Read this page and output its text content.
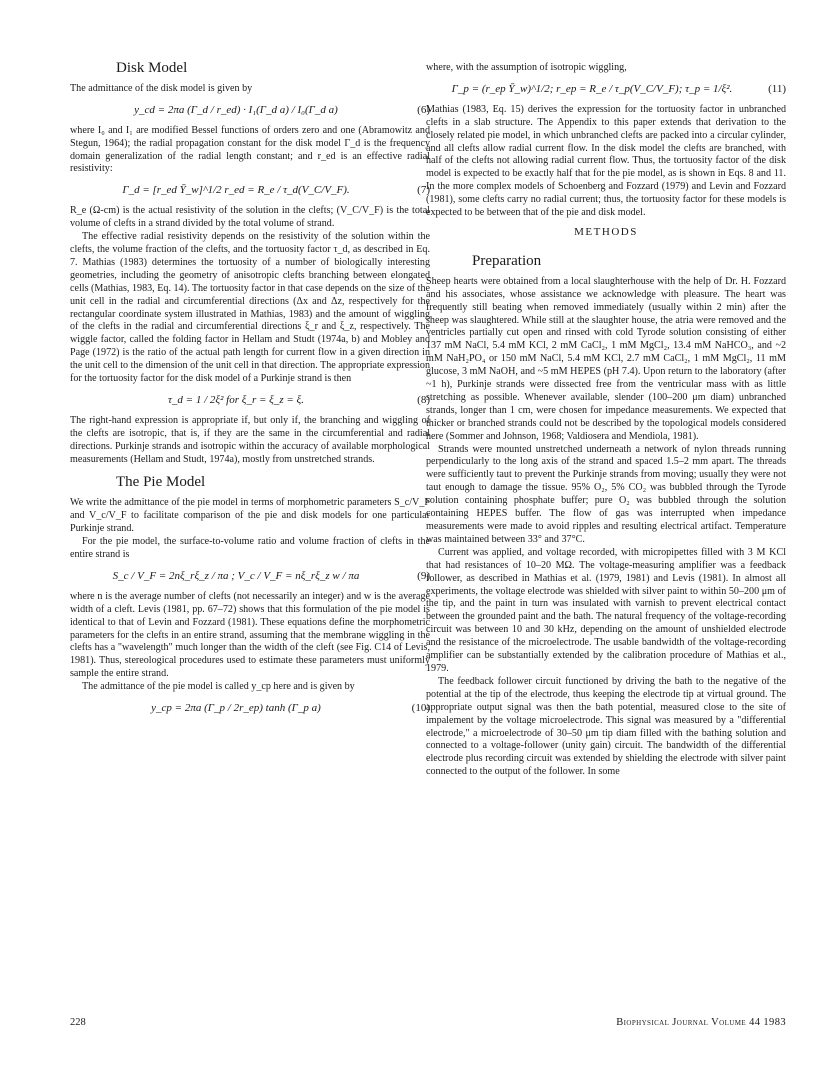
Disk Model

The admittance of the disk model is given by

y_cd = 2πa (Γ_d / r_ed) · I₁(Γ_d a) / I₀(Γ_d a)	(6)

where I₀ and I₁ are modified Bessel functions of orders zero and one (Abramowitz and Stegun, 1964); the radial propagation constant for the disk model Γ_d is the frequency domain generalization of the radial length constant; and r_ed is an effective radial resistivity:

Γ_d = [r_ed Ȳ_w]^1/2 r_ed = R_e / τ_d(V_C/V_F).	(7)

R_e (Ω-cm) is the actual resistivity of the solution in the clefts; (V_C/V_F) is the total volume of clefts in a strand divided by the total volume of strand.

The effective radial resistivity depends on the resistivity of the solution within the clefts, the volume fraction of the clefts, and the tortuosity factor τ_d, as described in Eq. 7. Mathias (1983) determines the tortuosity of a number of biologically interesting geometries, including the geometry of anisotropic clefts branching between elongated cells (Mathias, 1983, Eq. 14). The tortuosity factor in that case depends on the size of the unit cell in the radial and circumferential directions (Δx and Δz, respectively for the rectangular coordinate system illustrated in Mathias, 1983) and the amount of wiggling of the clefts in the radial and circumferential directions ξ_r and ξ_z, respectively. The wiggle factor, called the folding factor in Hellam and Studt (1974a, b) and Mobley and Page (1972) is the ratio of the actual path length for current flow in a given direction in the unit cell to the dimension of the unit cell in that direction. The appropriate expression for the tortuosity factor for the disk model of a Purkinje strand is then

τ_d = 1 / 2ξ² for ξ_r = ξ_z = ξ.	(8)

The right-hand expression is appropriate if, but only if, the branching and wiggling of the clefts are isotropic, that is, if they are the same in the circumferential and radial directions. Purkinje strands and isotropic within the accuracy of available morphological measurements (Hellam and Studt, 1974a), mostly from unstretched strands.

The Pie Model

We write the admittance of the pie model in terms of morphometric parameters S_c/V_F and V_c/V_F to facilitate comparison of the pie and disk models for one particular Purkinje strand.

For the pie model, the surface-to-volume ratio and volume fraction of clefts in the entire strand is

S_c / V_F = 2nξ_rξ_z / πa ; V_c / V_F = nξ_rξ_z w / πa	(9)

where n is the average number of clefts (not necessarily an integer) and w is the average width of a cleft. Levis (1981, pp. 67–72) shows that this formulation of the pie model is identical to that of Levin and Fozzard (1981). These equations define the morphometric parameters for the clefts in an entire strand, assuming that the membrane wiggling in the clefts has a "wavelength" much longer than the width of the cleft (see Fig. C14 of Levis, 1981). Thus, stereological procedures used to estimate these parameters must uniformly sample the entire strand.

The admittance of the pie model is called y_cp here and is given by

y_cp = 2πa (Γ_p / 2r_ep) tanh (Γ_p a)	(10)

where, with the assumption of isotropic wiggling,

Γ_p = (r_ep Ȳ_w)^1/2; r_ep = R_e / τ_p(V_C/V_F); τ_p = 1/ξ².	(11)

Mathias (1983, Eq. 15) derives the expression for the tortuosity factor in unbranched clefts in a slab structure. The Appendix to this paper extends that derivation to the closely related pie model, in which unbranched clefts are packed into a circular cylinder, and all clefts allow radial current flow. In the disk model the clefts are branched, with half of the clefts not allowing radial current flow. Thus, the tortuosity factor of the disk model is expected to be exactly half that for the pie model, as is shown in Eqs. 8 and 11. In the more complex models of Schoenberg and Fozzard (1979) and Levin and Fozzard (1981), some clefts carry no radial current; thus, the tortuosity factor for these models is expected to be between that of the pie and disk model.

METHODS
Preparation

Sheep hearts were obtained from a local slaughterhouse with the help of Dr. H. Fozzard and his associates, whose assistance we acknowledge with pleasure. The heart was frequently still beating when removed immediately (usually within 2 min) after the sheep was slaughtered. While still at the slaughter house, the atria were removed and the ventricles partially cut open and rinsed with cold Tyrode solution consisting of either 137 mM NaCl, 5.4 mM KCl, 2 mM CaCl₂, 1 mM MgCl₂, 13.4 mM NaHCO₃, and ~2 mM NaH₂PO₄ or 150 mM NaCl, 5.4 mM KCl, 2.7 mM CaCl₂, 1 mM MgCl₂, 11 mM glucose, 3 mM NaOH, and ~5 mM HEPES (pH 7.4). Upon return to the laboratory (after ~1 h), Purkinje strands were dissected free from the ventricular mass with as little stretching as possible. Whenever available, slender (100–200 μm diam) unbranched strands, longer than 1 cm, were chosen for impedance measurements. We expected that thicker or branched strands could not be described by the topological models considered here (Sommer and Johnson, 1968; Valdiosera and Mendiola, 1981).

Strands were mounted unstretched underneath a network of nylon threads running perpendicularly to the long axis of the strand and spaced 1.5–2 mm apart. The threads were sufficiently taut to prevent the Purkinje strands from moving; usually they were not taut enough to damage the tissue. 95% O₂, 5% CO₂ was bubbled through the Tyrode solution containing phosphate buffer; pure O₂ was bubbled through the solution containing HEPES buffer. The flow of gas was interrupted when impedance measurements were made to avoid ripples and resulting electrical artifact. Temperature was maintained between 33° and 37°C.

Current was applied, and voltage recorded, with micropipettes filled with 3 M KCl that had resistances of 10–20 MΩ. The voltage-measuring amplifier was a feedback follower, as described in Mathias et al. (1979, 1981) and Levis (1981). In almost all experiments, the voltage electrode was shielded with silver paint to within 50–200 μm of the tip, and the paint in turn was insulated with varnish to prevent electrical contact between the grounded paint and the bath. The natural frequency of the voltage-recording circuit was between 10 and 30 kHz, depending on the amount of unshielded electrode and the resistance of the microelectrode. The usable bandwidth of the voltage-recording amplifier can be substantially extended by the calibration procedure of Mathias et al., 1979.

The feedback follower circuit functioned by driving the bath to the negative of the potential at the tip of the electrode, thus keeping the electrode tip at virtual ground. The appropriate output signal was then the bath potential, measured close to the site of impalement by the voltage microelectrode. This signal was measured by a "differential electrode," a microelectrode of 30–50 μm tip diam filled with the bathing solution and connected to a voltage-follower (unity gain) circuit. The bandwidth of the differential electrode plus recording circuit was extended by shielding the electrode with silver paint connected to the output of the follower. In some

228	Biophysical Journal Volume 44 1983
